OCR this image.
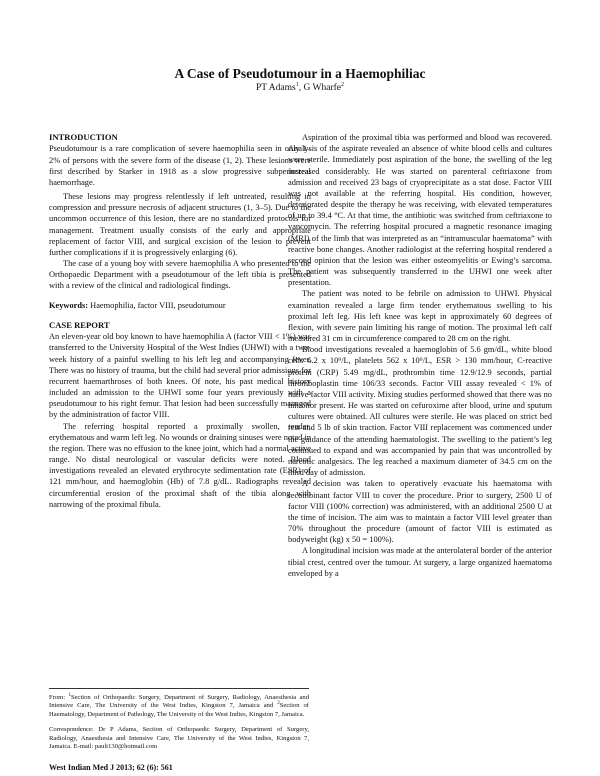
A Case of Pseudotumour in a Haemophiliac
PT Adams$^1$, G Wharfe$^2$
INTRODUCTION

Pseudotumour is a rare complication of severe haemophilia seen in only 1–2% of persons with the severe form of the disease (1, 2). These lesions were first described by Starker in 1918 as a slow progressive subperiosteal haemorrhage.

These lesions may progress relentlessly if left untreated, resulting in compression and pressure necrosis of adjacent structures (1, 3–5). Due to the uncommon occurrence of this lesion, there are no standardized protocols for management. Treatment usually consists of the early and appropriate replacement of factor VIII, and surgical excision of the lesion to prevent further complications if it is progressively enlarging (6).

The case of a young boy with severe haemophilia A who presented to the Orthopaedic Department with a pseudotumour of the left tibia is presented with a review of the clinical and radiological findings.

Keywords: Haemophilia, factor VIII, pseudotumour

CASE REPORT

An eleven-year old boy known to have haemophilia A (factor VIII < 1%) was transferred to the University Hospital of the West Indies (UHWI) with a two-week history of a painful swelling to his left leg and accompanying fever. There was no history of trauma, but the child had several prior admissions for recurrent haemarthroses of both knees. Of note, his past medical history included an admission to the UHWI some four years previously with a pseudotumour to his right femur. That lesion had been successfully managed by the administration of factor VIII.

The referring hospital reported a proximally swollen, tender, erythematous and warm left leg. No wounds or draining sinuses were noted in the region. There was no effusion to the knee joint, which had a normal active range. No distal neurological or vascular deficits were noted. Blood investigations revealed an elevated erythrocyte sedimentation rate (ESR) of 121 mm/hour, and haemoglobin (Hb) of 7.8 g/dL. Radiographs revealed circumferential erosion of the proximal shaft of the tibia along with narrowing of the proximal fibula.

Aspiration of the proximal tibia was performed and blood was recovered. Analysis of the aspirate revealed an absence of white blood cells and cultures were sterile. Immediately post aspiration of the bone, the swelling of the leg increased considerably. He was started on parenteral ceftriaxone from admission and received 23 bags of cryoprecipitate as a stat dose. Factor VIII was not available at the referring hospital. His condition, however, deteriorated despite the therapy he was receiving, with elevated temperatures of up to 39.4 °C. At that time, the antibiotic was switched from ceftriaxone to vancomycin. The referring hospital procured a magnetic resonance imaging (MRI) of the limb that was interpreted as an “intramuscular haematoma” with reactive bone changes. Another radiologist at the referring hospital rendered a second opinion that the lesion was either osteomyelitis or Ewing’s sarcoma. The patient was subsequently transferred to the UHWI one week after presentation.

The patient was noted to be febrile on admission to UHWI. Physical examination revealed a large firm tender erythematous swelling to his proximal left leg. His left knee was kept in approximately 60 degrees of flexion, with severe pain limiting his range of motion. The proximal left calf measured 31 cm in circumference compared to 28 cm on the right.

Blood investigations revealed a haemoglobin of 5.6 gm/dL, white blood cells 6.2 x 10⁹/L, platelets 562 x 10⁹/L, ESR > 130 mm/hour, C-reactive protein (CRP) 5.49 mg/dL, prothrombin time 12.9/12.9 seconds, partial thromboplastin time 106/33 seconds. Factor VIII assay revealed < 1% of native factor VIII activity. Mixing studies performed showed that there was no inhibitor present. He was started on cefuroxime after blood, urine and sputum cultures were obtained. All cultures were sterile. He was placed on strict bed rest and 5 lb of skin traction. Factor VIII replacement was commenced under the guidance of the attending haematologist. The swelling to the patient’s leg continued to expand and was accompanied by pain that was uncontrolled by narcotic analgesics. The leg reached a maximum diameter of 34.5 cm on the third day of admission.

A decision was taken to operatively evacuate his haematoma with recombinant factor VIII to cover the procedure. Prior to surgery, 2500 U of factor VIII (100% correction) was administered, with an additional 2500 U at the time of incision. The aim was to maintain a factor VIII level greater than 70% throughout the procedure (amount of factor VIII is estimated as bodyweight (kg) x 50 = 100%).

A longitudinal incision was made at the anterolateral border of the anterior tibial crest, centred over the tumour. At surgery, a large organized haematoma enveloped by a

From: $^1$Section of Orthopaedic Surgery, Department of Surgery, Radiology, Anaesthesia and Intensive Care, The University of the West Indies, Kingston 7, Jamaica and $^2$Section of Haematology, Department of Pathology, The University of the West Indies, Kingston 7, Jamaica.

Correspondence: Dr P Adams, Section of Orthopaedic Surgery, Department of Surgery, Radiology, Anaesthesia and Intensive Care, The University of the West Indies, Kingston 7, Jamaica. E-mail: pault130@hotmail.com

West Indian Med J 2013; 62 (6): 561
